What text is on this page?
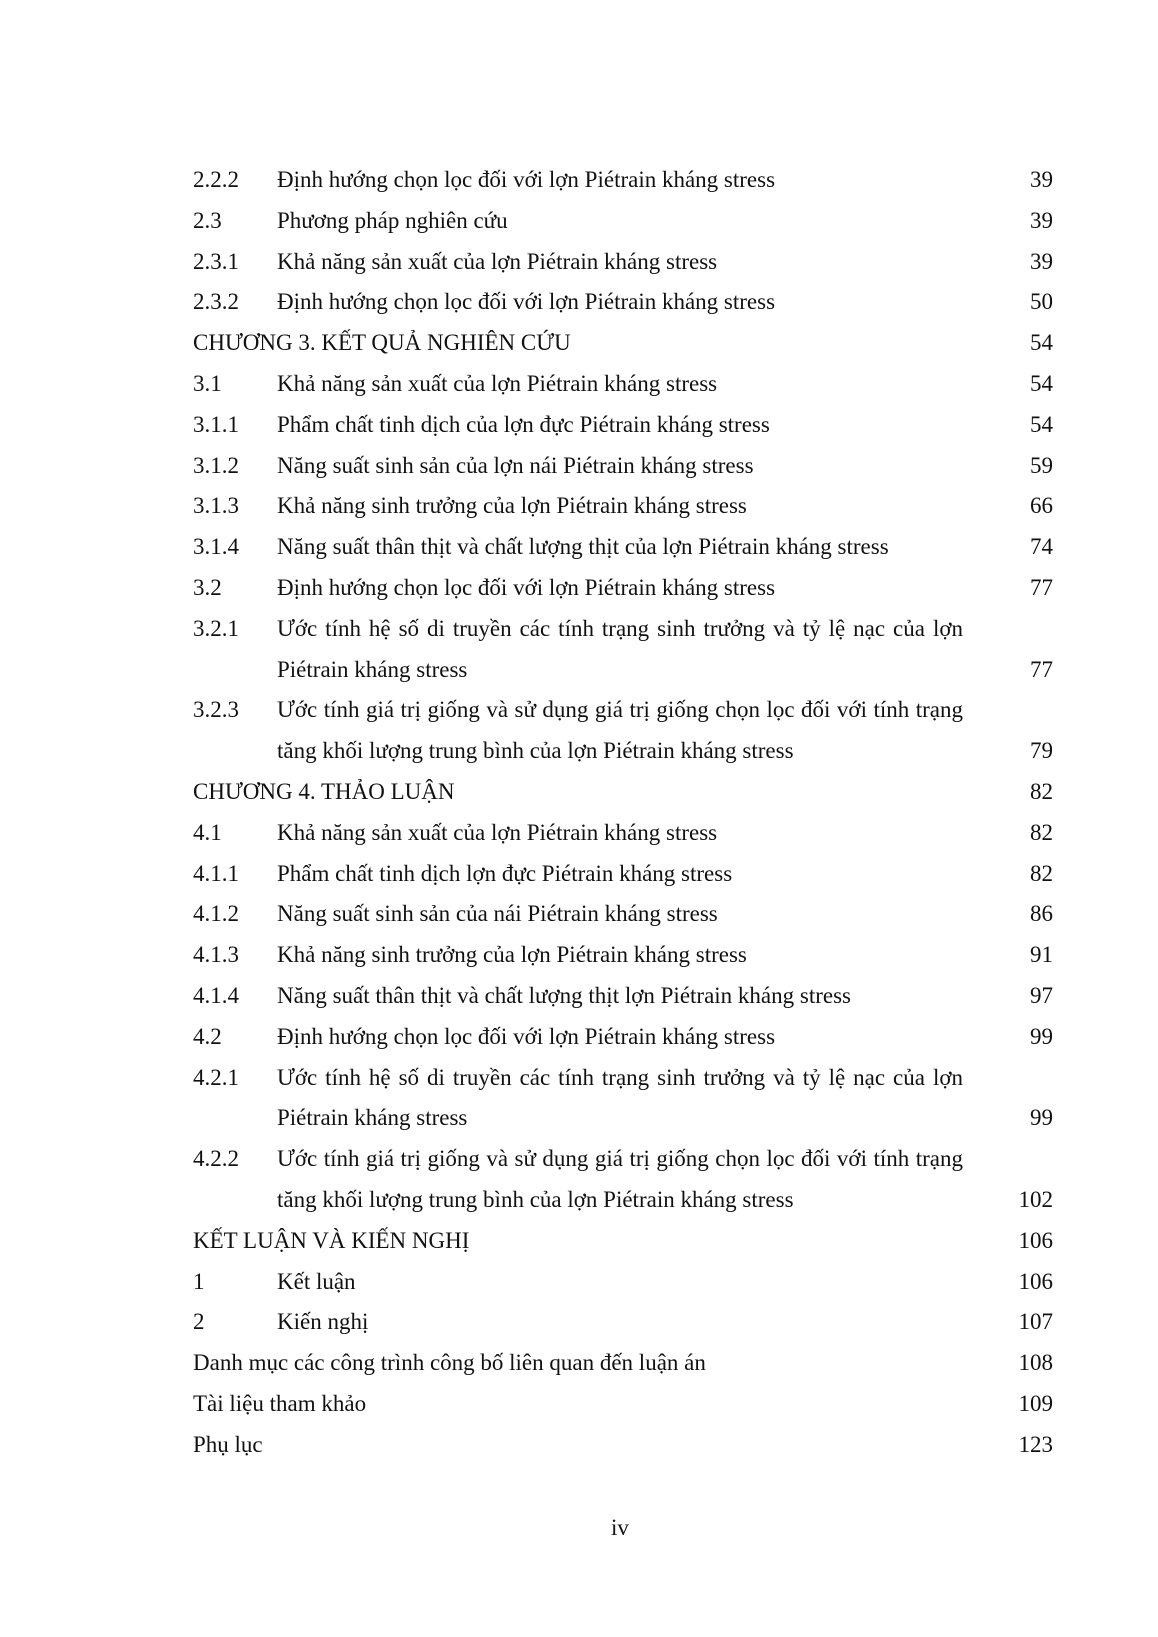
2.2.2	Định hướng chọn lọc đối với lợn Piétrain kháng stress	39
2.3	Phương pháp nghiên cứu	39
2.3.1	Khả năng sản xuất của lợn Piétrain kháng stress	39
2.3.2	Định hướng chọn lọc đối với lợn Piétrain kháng stress	50
CHƯƠNG 3. KẾT QUẢ NGHIÊN CỨU	54
3.1	Khả năng sản xuất của lợn Piétrain kháng stress	54
3.1.1	Phẩm chất tinh dịch của lợn đực Piétrain kháng stress	54
3.1.2	Năng suất sinh sản của lợn nái Piétrain kháng stress	59
3.1.3	Khả năng sinh trưởng của lợn Piétrain kháng stress	66
3.1.4	Năng suất thân thịt và chất lượng thịt của lợn Piétrain kháng stress	74
3.2	Định hướng chọn lọc đối với lợn Piétrain kháng stress	77
3.2.1	Ước tính hệ số di truyền các tính trạng sinh trưởng và tỷ lệ nạc của lợn Piétrain kháng stress	77
3.2.3	Ước tính giá trị giống và sử dụng giá trị giống chọn lọc đối với tính trạng tăng khối lượng trung bình của lợn Piétrain kháng stress	79
CHƯƠNG 4. THẢO LUẬN	82
4.1	Khả năng sản xuất của lợn Piétrain kháng stress	82
4.1.1	Phẩm chất tinh dịch lợn đực Piétrain kháng stress	82
4.1.2	Năng suất sinh sản của nái Piétrain kháng stress	86
4.1.3	Khả năng sinh trưởng của lợn Piétrain kháng stress	91
4.1.4	Năng suất thân thịt và chất lượng thịt lợn Piétrain kháng stress	97
4.2	Định hướng chọn lọc đối với lợn Piétrain kháng stress	99
4.2.1	Ước tính hệ số di truyền các tính trạng sinh trưởng và tỷ lệ nạc của lợn Piétrain kháng stress	99
4.2.2	Ước tính giá trị giống và sử dụng giá trị giống chọn lọc đối với tính trạng tăng khối lượng trung bình của lợn Piétrain kháng stress	102
KẾT LUẬN VÀ KIẾN NGHỊ	106
1	Kết luận	106
2	Kiến nghị	107
Danh mục các công trình công bố liên quan đến luận án	108
Tài liệu tham khảo	109
Phụ lục	123
iv
